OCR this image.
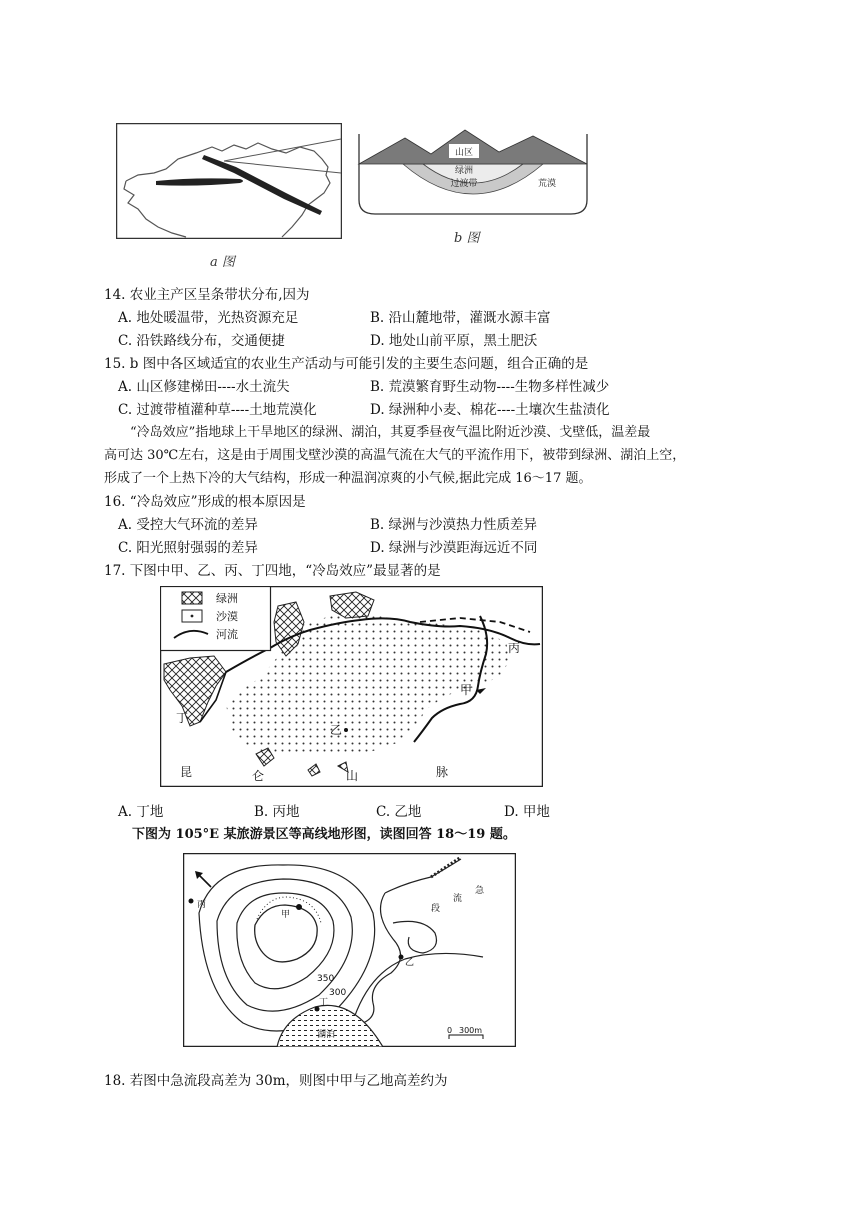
a 图
山区
绿洲
过渡带	荒漠
b 图
14. 农业主产区呈条带状分布,因为
A. 地处暖温带，光热资源充足	B. 沿山麓地带，灌溉水源丰富
C. 沿铁路线分布，交通便捷	D. 地处山前平原，黑土肥沃
15. b 图中各区域适宜的农业生产活动与可能引发的主要生态问题，组合正确的是
A. 山区修建梯田----水土流失	B. 荒漠繁育野生动物----生物多样性减少
C. 过渡带植灌种草----土地荒漠化	D. 绿洲种小麦、棉花----土壤次生盐渍化
“冷岛效应”指地球上干旱地区的绿洲、湖泊，其夏季昼夜气温比附近沙漠、戈壁低，温差最
高可达 30℃左右，这是由于周围戈壁沙漠的高温气流在大气的平流作用下，被带到绿洲、湖泊上空，
形成了一个上热下冷的大气结构，形成一种温润凉爽的小气候,据此完成 16～17 题。
16. “冷岛效应”形成的根本原因是
A. 受控大气环流的差异	B. 绿洲与沙漠热力性质差异
C. 阳光照射强弱的差异	D. 绿洲与沙漠距海远近不同
17. 下图中甲、乙、丙、丁四地，“冷岛效应”最显著的是
绿洲
沙漠
河流
丙
甲
乙
丁
昆	仑	山	脉
A. 丁地	B. 丙地	C. 乙地	D. 甲地
下图为 105°E 某旅游景区等高线地形图，读图回答 18～19 题。
湖泊
丙
甲
乙
丁
急
流
段
350
300
0 300m
18. 若图中急流段高差为 30m，则图中甲与乙地高差约为
